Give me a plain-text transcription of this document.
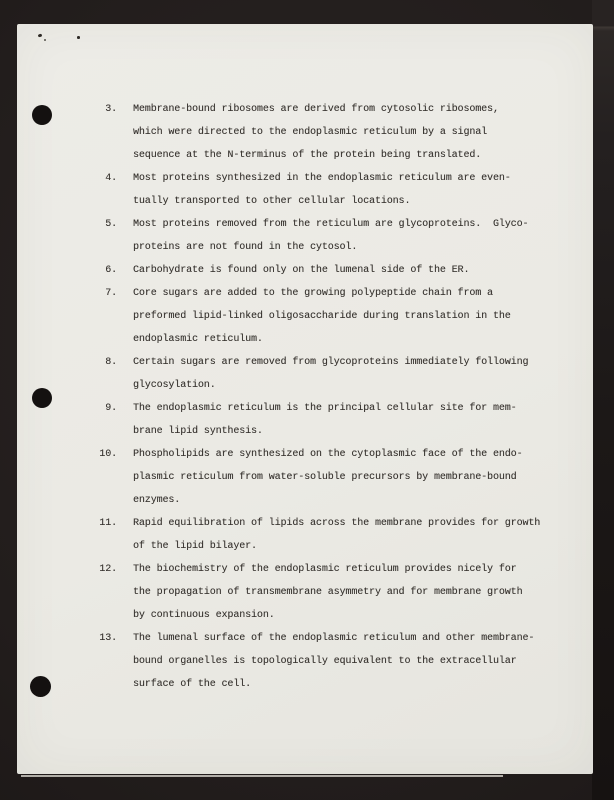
3. Membrane-bound ribosomes are derived from cytosolic ribosomes,
which were directed to the endoplasmic reticulum by a signal
sequence at the N-terminus of the protein being translated.
4. Most proteins synthesized in the endoplasmic reticulum are even-
tually transported to other cellular locations.
5. Most proteins removed from the reticulum are glycoproteins.  Glyco-
proteins are not found in the cytosol.
6. Carbohydrate is found only on the lumenal side of the ER.
7. Core sugars are added to the growing polypeptide chain from a
preformed lipid-linked oligosaccharide during translation in the
endoplasmic reticulum.
8. Certain sugars are removed from glycoproteins immediately following
glycosylation.
9. The endoplasmic reticulum is the principal cellular site for mem-
brane lipid synthesis.
10. Phospholipids are synthesized on the cytoplasmic face of the endo-
plasmic reticulum from water-soluble precursors by membrane-bound
enzymes.
11. Rapid equilibration of lipids across the membrane provides for growth
of the lipid bilayer.
12. The biochemistry of the endoplasmic reticulum provides nicely for
the propagation of transmembrane asymmetry and for membrane growth
by continuous expansion.
13. The lumenal surface of the endoplasmic reticulum and other membrane-
bound organelles is topologically equivalent to the extracellular
surface of the cell.
